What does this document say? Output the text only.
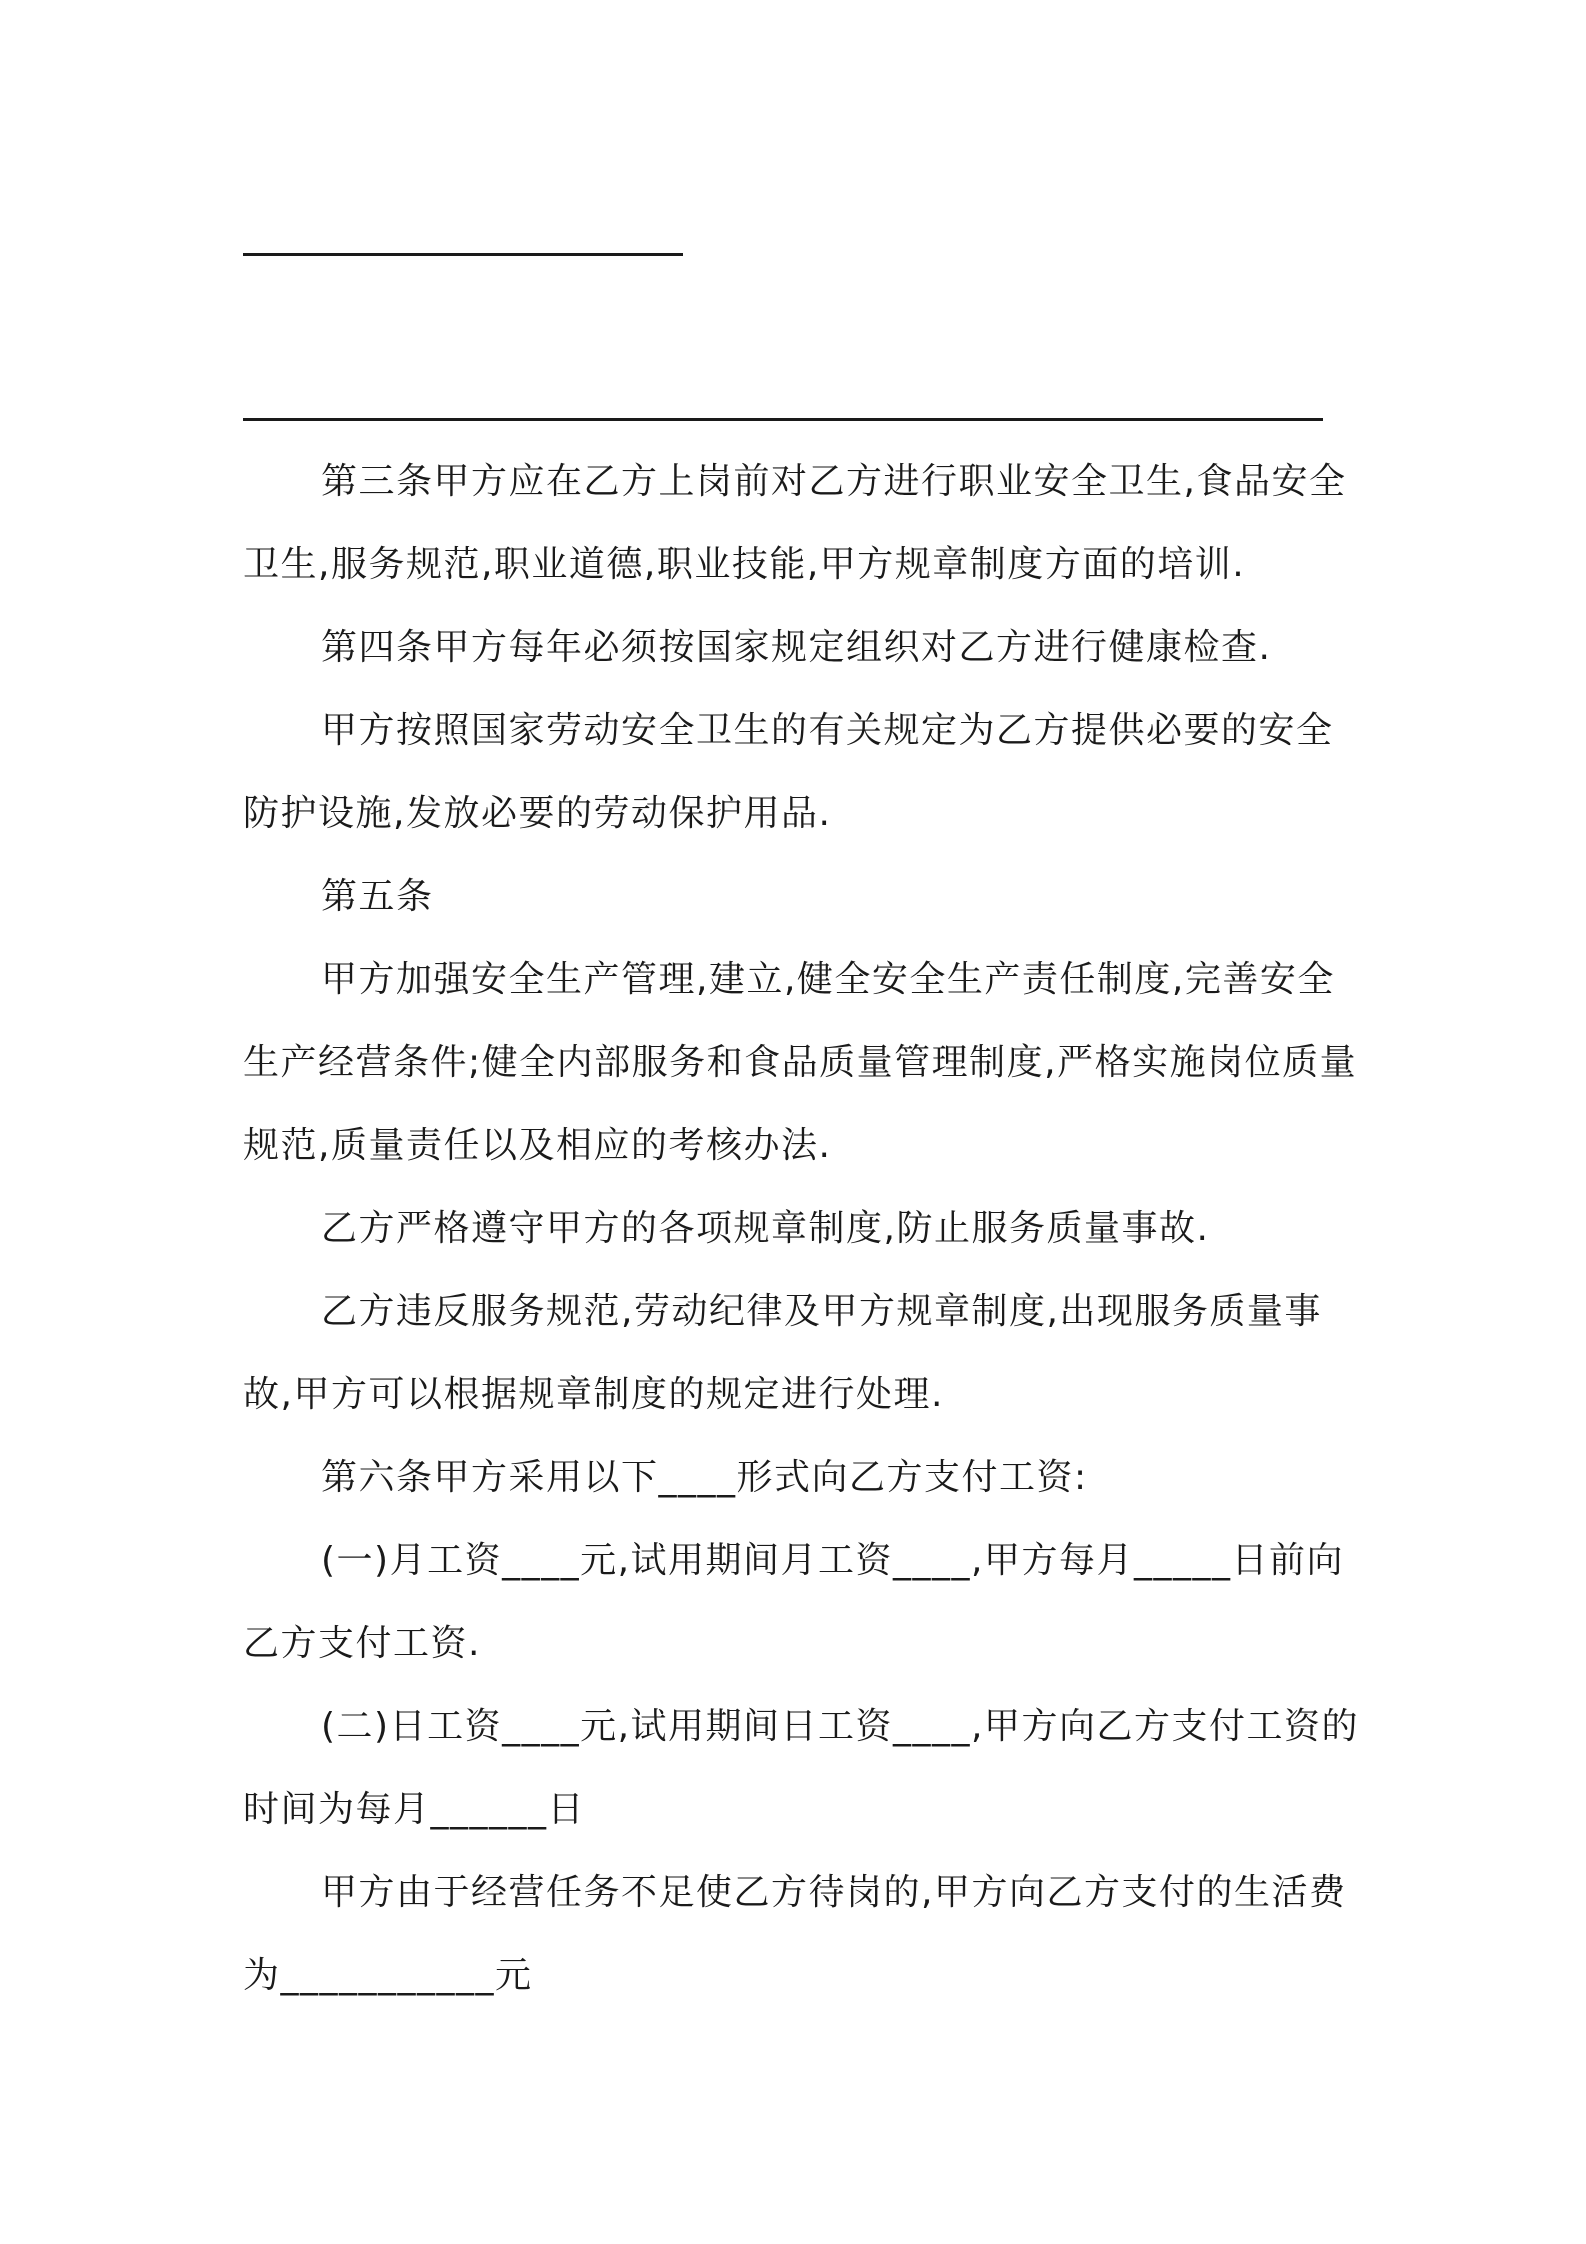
第三条甲方应在乙方上岗前对乙方进行职业安全卫生,食品安全卫生,服务规范,职业道德,职业技能,甲方规章制度方面的培训.

第四条甲方每年必须按国家规定组织对乙方进行健康检查.

甲方按照国家劳动安全卫生的有关规定为乙方提供必要的安全防护设施,发放必要的劳动保护用品.

第五条

甲方加强安全生产管理,建立,健全安全生产责任制度,完善安全生产经营条件;健全内部服务和食品质量管理制度,严格实施岗位质量规范,质量责任以及相应的考核办法.

乙方严格遵守甲方的各项规章制度,防止服务质量事故.

乙方违反服务规范,劳动纪律及甲方规章制度,出现服务质量事故,甲方可以根据规章制度的规定进行处理.

第六条甲方采用以下____形式向乙方支付工资:

(一)月工资____元,试用期间月工资____,甲方每月_____日前向乙方支付工资.

(二)日工资____元,试用期间日工资____,甲方向乙方支付工资的时间为每月______日

甲方由于经营任务不足使乙方待岗的,甲方向乙方支付的生活费为___________元
